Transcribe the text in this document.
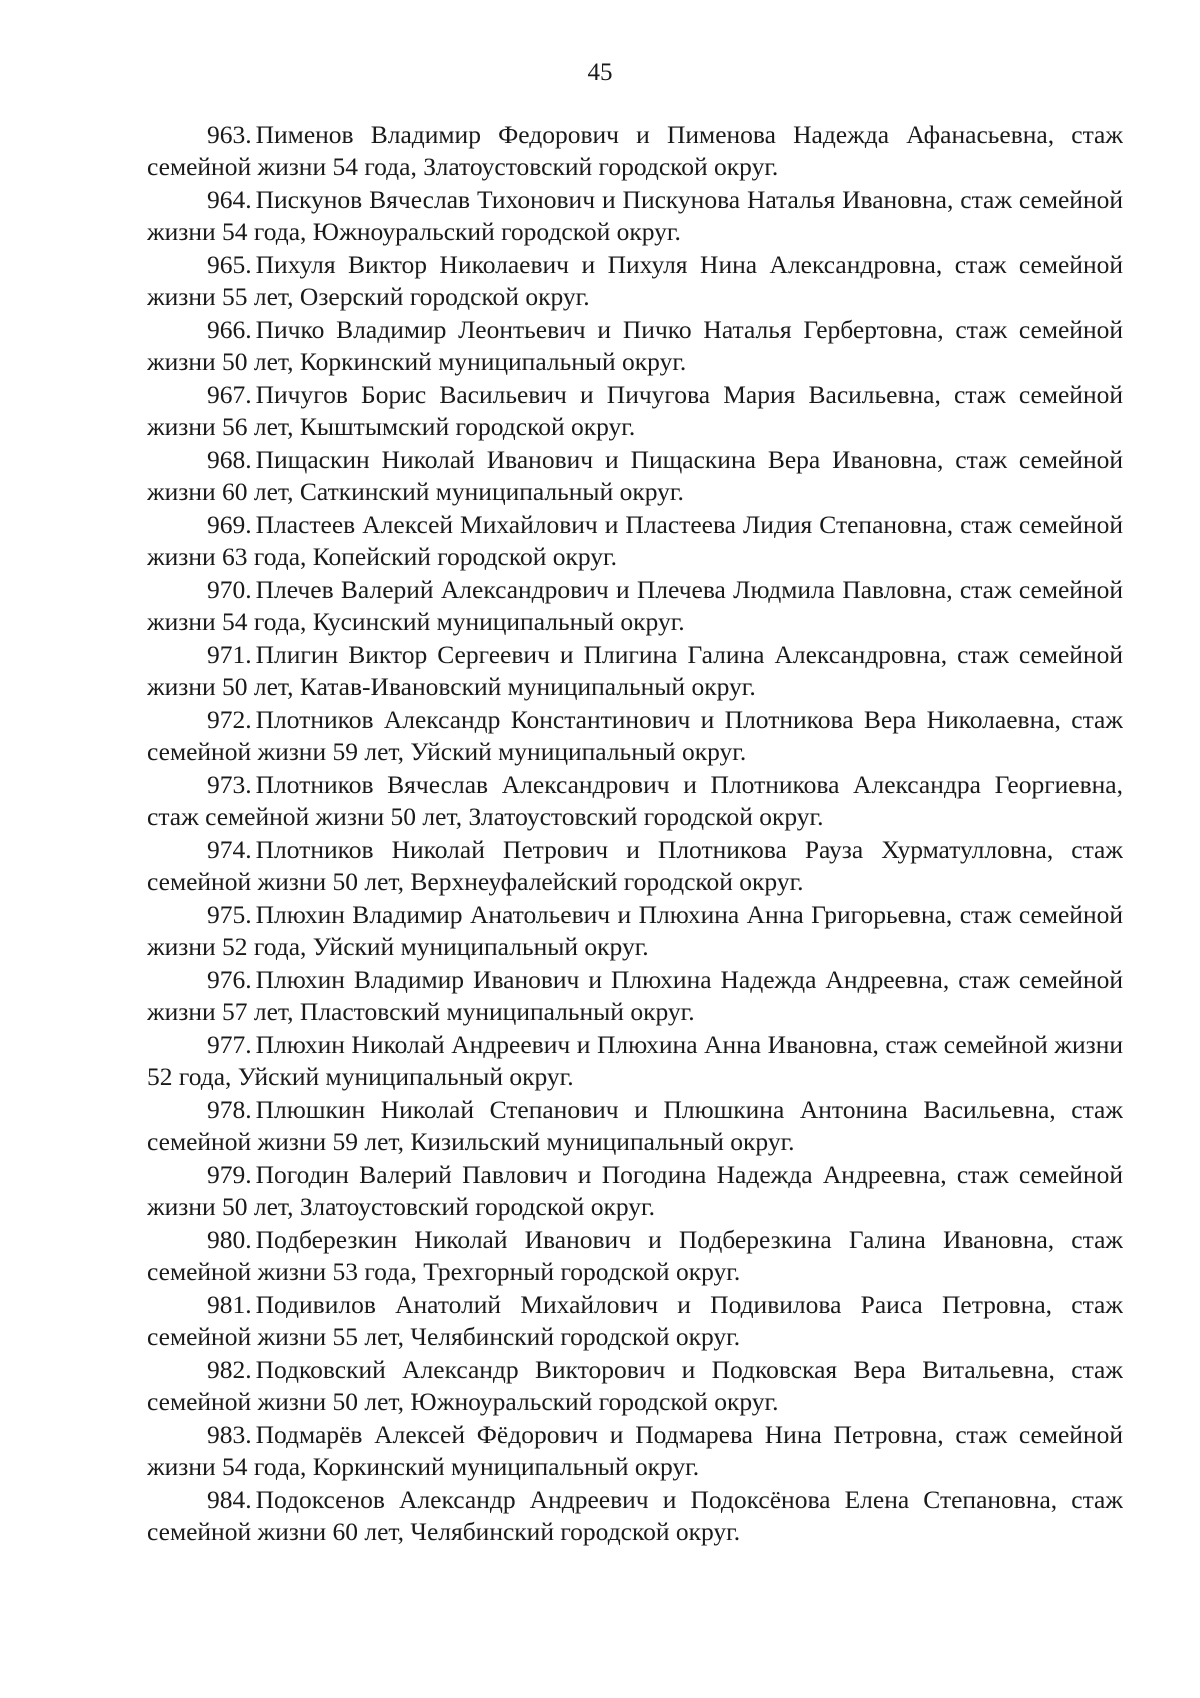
45
963. Пименов Владимир Федорович и Пименова Надежда Афанасьевна, стаж семейной жизни 54 года, Златоустовский городской округ.
964. Пискунов Вячеслав Тихонович и Пискунова Наталья Ивановна, стаж семейной жизни 54 года, Южноуральский городской округ.
965. Пихуля Виктор Николаевич и Пихуля Нина Александровна, стаж семейной жизни 55 лет, Озерский городской округ.
966. Пичко Владимир Леонтьевич и Пичко Наталья Гербертовна, стаж семейной жизни 50 лет, Коркинский муниципальный округ.
967. Пичугов Борис Васильевич и Пичугова Мария Васильевна, стаж семейной жизни 56 лет, Кыштымский городской округ.
968. Пищаскин Николай Иванович и Пищаскина Вера Ивановна, стаж семейной жизни 60 лет, Саткинский муниципальный округ.
969. Пластеев Алексей Михайлович и Пластеева Лидия Степановна, стаж семейной жизни 63 года, Копейский городской округ.
970. Плечев Валерий Александрович и Плечева Людмила Павловна, стаж семейной жизни 54 года, Кусинский муниципальный округ.
971. Плигин Виктор Сергеевич и Плигина Галина Александровна, стаж семейной жизни 50 лет, Катав-Ивановский муниципальный округ.
972. Плотников Александр Константинович и Плотникова Вера Николаевна, стаж семейной жизни 59 лет, Уйский муниципальный округ.
973. Плотников Вячеслав Александрович и Плотникова Александра Георгиевна, стаж семейной жизни 50 лет, Златоустовский городской округ.
974. Плотников Николай Петрович и Плотникова Рауза Хурматулловна, стаж семейной жизни 50 лет, Верхнеуфалейский городской округ.
975. Плюхин Владимир Анатольевич и Плюхина Анна Григорьевна, стаж семейной жизни 52 года, Уйский муниципальный округ.
976. Плюхин Владимир Иванович и Плюхина Надежда Андреевна, стаж семейной жизни 57 лет, Пластовский муниципальный округ.
977. Плюхин Николай Андреевич и Плюхина Анна Ивановна, стаж семейной жизни 52 года, Уйский муниципальный округ.
978. Плюшкин Николай Степанович и Плюшкина Антонина Васильевна, стаж семейной жизни 59 лет, Кизильский муниципальный округ.
979. Погодин Валерий Павлович и Погодина Надежда Андреевна, стаж семейной жизни 50 лет, Златоустовский городской округ.
980. Подберезкин Николай Иванович и Подберезкина Галина Ивановна, стаж семейной жизни 53 года, Трехгорный городской округ.
981. Подивилов Анатолий Михайлович и Подивилова Раиса Петровна, стаж семейной жизни 55 лет, Челябинский городской округ.
982. Подковский Александр Викторович и Подковская Вера Витальевна, стаж семейной жизни 50 лет, Южноуральский городской округ.
983. Подмарёв Алексей Фёдорович и Подмарева Нина Петровна, стаж семейной жизни 54 года, Коркинский муниципальный округ.
984. Подоксенов Александр Андреевич и Подоксёнова Елена Степановна, стаж семейной жизни 60 лет, Челябинский городской округ.
